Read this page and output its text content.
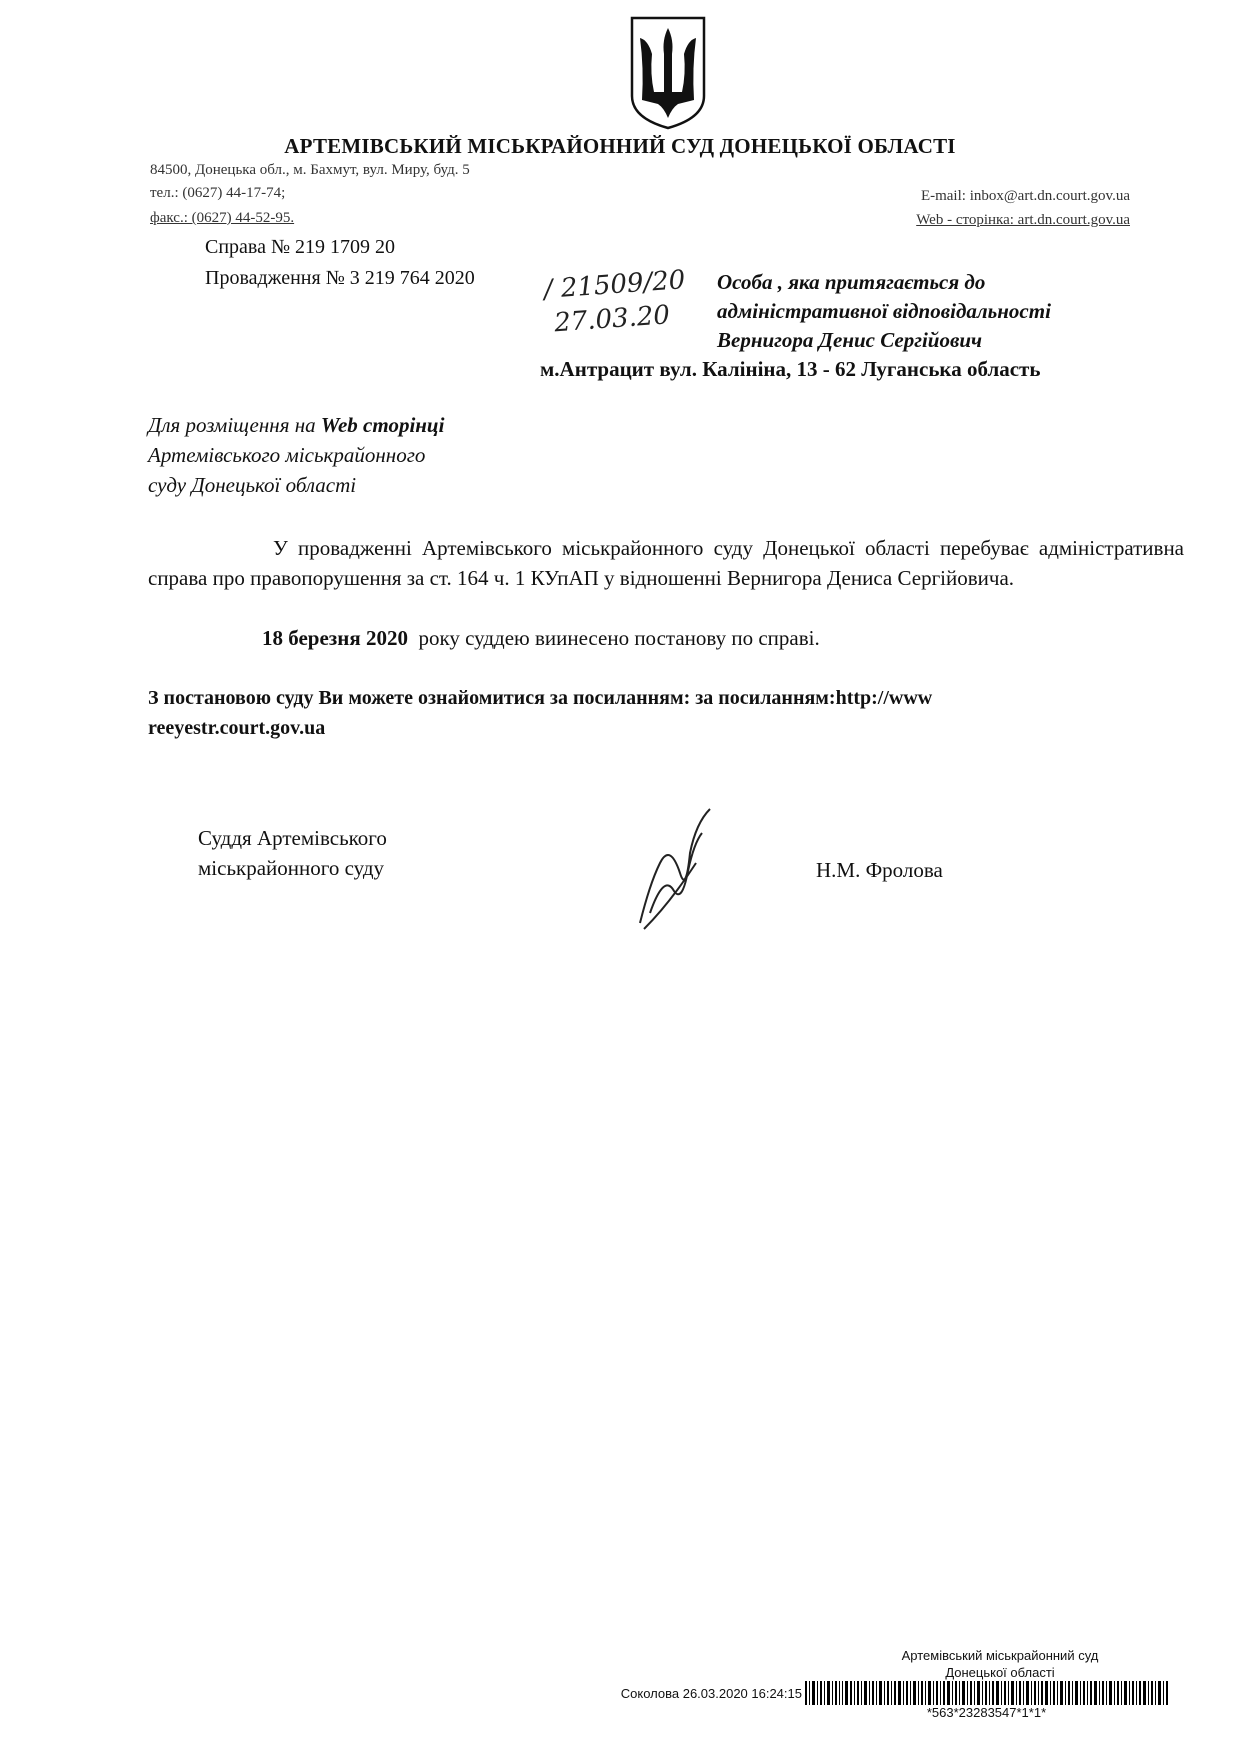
АРТЕМІВСЬКИЙ МІСЬКРАЙОННИЙ СУД ДОНЕЦЬКОЇ ОБЛАСТІ
84500, Донецька обл., м. Бахмут, вул. Миру, буд. 5
тел.: (0627) 44-17-74;
факс.: (0627) 44-52-95.
E-mail: inbox@art.dn.court.gov.ua
Web - сторінка: art.dn.court.gov.ua
Справа № 219 1709 20
Провадження № 3 219 764 2020	/ 21509/20
27.03.20
Особа , яка притягається до
адміністративної відповідальності
Вернигора Денис Сергійович
м.Антрацит вул. Калініна, 13 - 62 Луганська область
Для розміщення на Web сторінці
Артемівського міськрайонного
суду Донецької області
У провадженні Артемівського міськрайонного суду Донецької області перебуває адміністративна справа про правопорушення за ст. 164 ч. 1 КУпАП у відношенні Вернигора Дениса Сергійовича.
18 березня 2020  року суддею виинесено постанову по справі.
З постановою суду Ви можете ознайомитися за посиланням: за посиланням:http://www
reeyestr.court.gov.ua
Суддя Артемівського
міськрайонного суду	Н.М. Фролова
Артемівський міськрайонний суд
Донецької області
Соколова 26.03.2020 16:24:15
*563*23283547*1*1*
